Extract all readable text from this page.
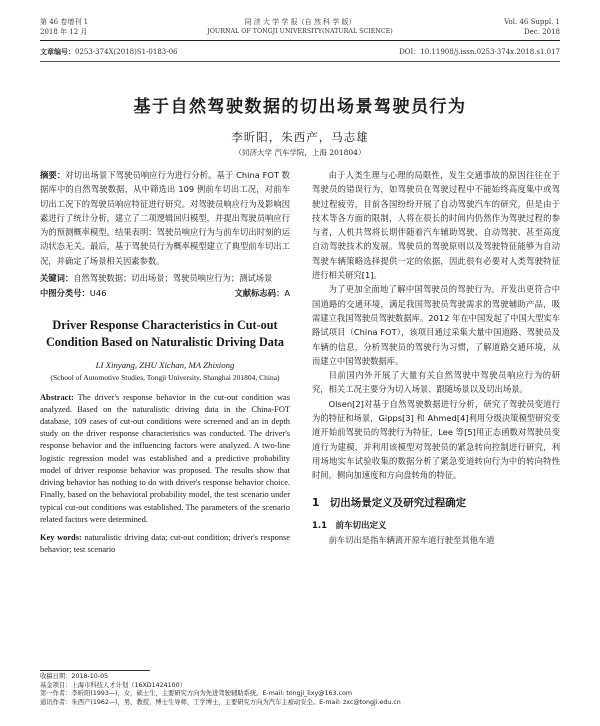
第 46 卷增刊 1
2018 年 12 月
同 济 大 学 学 报（自 然 科 学 版）
JOURNAL OF TONGJI UNIVERSITY(NATURAL SCIENCE)
Vol. 46 Suppl. 1
Dec. 2018
文章编号：0253-374X(2018)S1-0183-06	DOI：10.11908/j.issn.0253-374x.2018.s1.017
基于自然驾驶数据的切出场景驾驶员行为
李昕阳，朱西产，马志雄
（同济大学 汽车学院，上海 201804）

摘要：对切出场景下驾驶员响应行为进行分析。基于 China FOT 数据库中的自然驾驶数据，从中筛选出 109 例前车切出工况，对前车切出工况下的驾驶员响应特征进行研究。对驾驶员响应行为及影响因素进行了统计分析，建立了二项逻辑回归模型，并提出驾驶员响应行为的预测概率模型。结果表明：驾驶员响应行为与前车切出时刻的运动状态无关。最后，基于驾驶员行为概率模型建立了典型前车切出工况，并确定了场景相关因素参数。

关键词：自然驾驶数据；切出场景；驾驶员响应行为；测试场景

中图分类号：U46	文献标志码：A
Driver Response Characteristics in Cut-out Condition Based on Naturalistic Driving Data
LI Xinyang, ZHU Xichan, MA Zhixiong
(School of Automotive Studies, Tongji University, Shanghai 201804, China)

Abstract: The driver's response behavior in the cut-out condition was analyzed. Based on the naturalistic driving data in the China-FOT database, 109 cases of cut-out conditions were screened and an in depth study on the driver response characteristics was conducted. The driver's response behavior and the influencing factors were analyzed. A two-line logistic regression model was established and a predictive probability model of driver response behavior was proposed. The results show that driving behavior has nothing to do with driver's response behavior choice. Finally, based on the behavioral probability model, the test scenario under typical cut-out conditions was established. The parameters of the scenario related factors were determined.

Key words: naturalistic driving data; cut-out condition; driver's response behavior; test scenario

由于人类生理与心理的局限性，发生交通事故的原因往往在于驾驶员的错误行为，如驾驶员在驾驶过程中不能始终高度集中或驾驶过程疲劳，目前各国纷纷开展了自动驾驶汽车的研究，但是由于技术等各方面的限制，人将在很长的时间内仍然作为驾驶过程的参与者，人机共驾将长期伴随着汽车辅助驾驶、自动驾驶、甚至高度自动驾驶技术的发展。驾驶员的驾驶原则以及驾驶特征能够为自动驾驶车辆策略选择提供一定的依据，因此很有必要对人类驾驶特征进行相关研究[1]。

为了更加全面地了解中国驾驶员的驾驶行为，开发出更符合中国道路的交通环境，满足我国驾驶员驾驶需求的驾驶辅助产品，吸需建立我国驾驶员驾驶数据库。2012 年在中国发起了中国大型实车路试项目（China FOT），该项目通过采集大量中国道路、驾驶员及车辆的信息，分析驾驶员的驾驶行为习惯，了解道路交通环境，从而建立中国驾驶数据库。

目前国内外开展了大量有关自然驾驶中驾驶员响应行为的研究，相关工况主要分为切入场景、跟随场景以及切出场景。

Olsen[2]对基于自然驾驶数据进行分析，研究了驾驶员变道行为的特征和场景，Gipps[3] 和 Ahmed[4]利用分级决策模型研究变道开始前驾驶员的驾驶行为特征，Lee 等[5]用正态函数对驾驶员变道行为建模，并利用该模型对驾驶员的紧急转向控制进行研究，利用场地实车试验收集的数据分析了紧急变道转向行为中的转向特性时间，侧向加速度和方向盘转角的特征。

1　切出场景定义及研究过程确定
1.1　前车切出定义

前车切出是指车辆离开原车道行驶至其他车道

收稿日期：2018-10-05
基金项目：上海市科技人才计划（16XD1424100）
第一作者：李昕阳(1993—)，女，硕士生，主要研究方向为先进驾驶辅助系统。E-mail: tongji_lixy@163.com
通讯作者：朱西产(1962—)，男，教授，博士生导师，工学博士，主要研究方向为汽车主被动安全。E-mail: zxc@tongji.edu.cn
